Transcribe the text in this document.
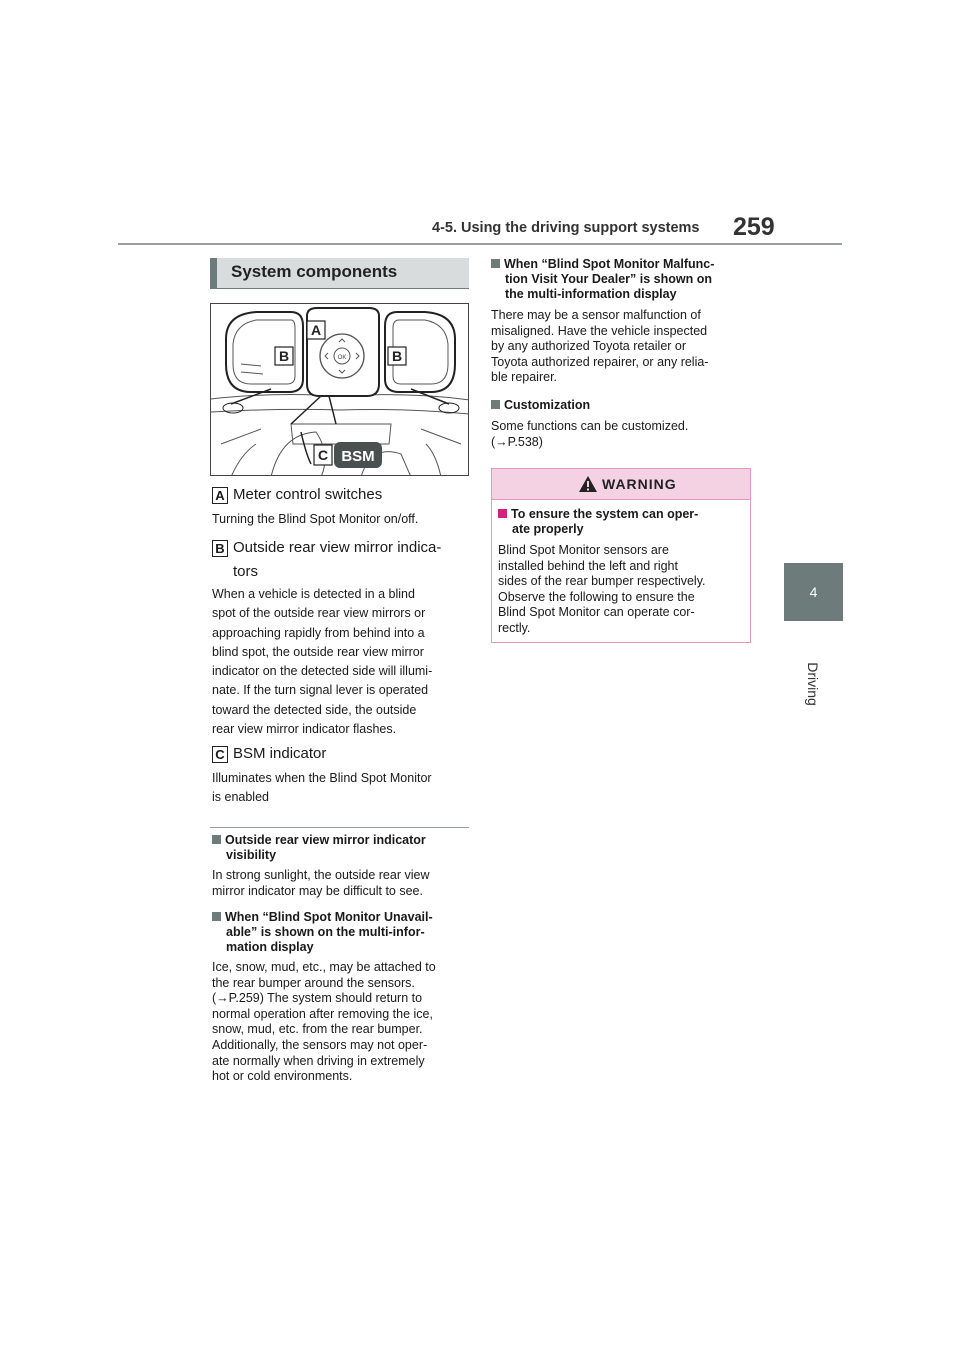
4-5. Using the driving support systems 259
4
Driving
System components
A
B	B
C BSM
OK
A Meter control switches
Turning the Blind Spot Monitor on/off.
B Outside rear view mirror indica-
tors
When a vehicle is detected in a blind
spot of the outside rear view mirrors or
approaching rapidly from behind into a
blind spot, the outside rear view mirror
indicator on the detected side will illumi-
nate. If the turn signal lever is operated
toward the detected side, the outside
rear view mirror indicator flashes.
C BSM indicator
Illuminates when the Blind Spot Monitor
is enabled
Outside rear view mirror indicator
visibility
In strong sunlight, the outside rear view
mirror indicator may be difficult to see.
When “Blind Spot Monitor Unavail-
able” is shown on the multi-infor-
mation display
Ice, snow, mud, etc., may be attached to
the rear bumper around the sensors.
(→P.259) The system should return to
normal operation after removing the ice,
snow, mud, etc. from the rear bumper.
Additionally, the sensors may not oper-
ate normally when driving in extremely
hot or cold environments.
When “Blind Spot Monitor Malfunc-
tion Visit Your Dealer” is shown on
the multi-information display
There may be a sensor malfunction of
misaligned. Have the vehicle inspected
by any authorized Toyota retailer or
Toyota authorized repairer, or any relia-
ble repairer.
Customization
Some functions can be customized.
(→P.538)
WARNING
To ensure the system can oper-
ate properly
Blind Spot Monitor sensors are
installed behind the left and right
sides of the rear bumper respectively.
Observe the following to ensure the
Blind Spot Monitor can operate cor-
rectly.
